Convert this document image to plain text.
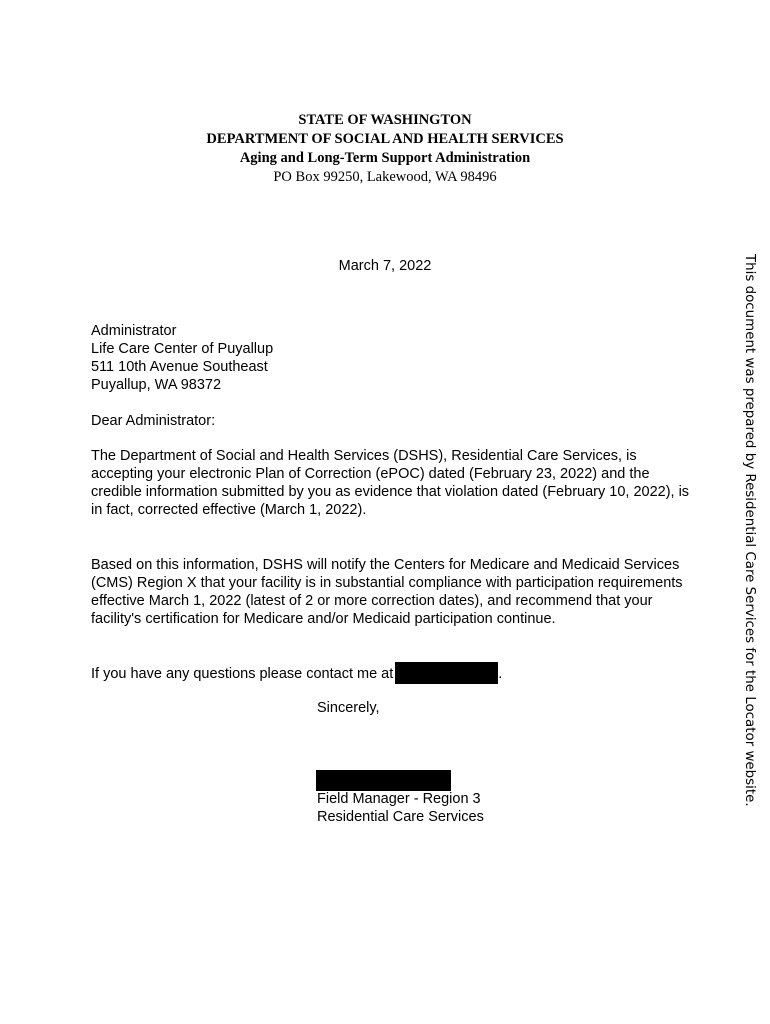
STATE OF WASHINGTON
DEPARTMENT OF SOCIAL AND HEALTH SERVICES
Aging and Long-Term Support Administration
PO Box 99250, Lakewood, WA 98496
March 7, 2022
Administrator
Life Care Center of Puyallup
511 10th Avenue Southeast
Puyallup, WA 98372
Dear Administrator:
The Department of Social and Health Services (DSHS), Residential Care Services, is accepting your electronic Plan of Correction (ePOC) dated (February 23, 2022) and the credible information submitted by you as evidence that violation dated (February 10, 2022), is in fact, corrected effective (March 1, 2022).
Based on this information, DSHS will notify the Centers for Medicare and Medicaid Services (CMS) Region X that your facility is in substantial compliance with participation requirements effective March 1, 2022 (latest of 2 or more correction dates), and recommend that your facility's certification for Medicare and/or Medicaid participation continue.
If you have any questions please contact me at	.
Sincerely,
Field Manager - Region 3
Residential Care Services
This document was prepared by Residential Care Services for the Locator website.
